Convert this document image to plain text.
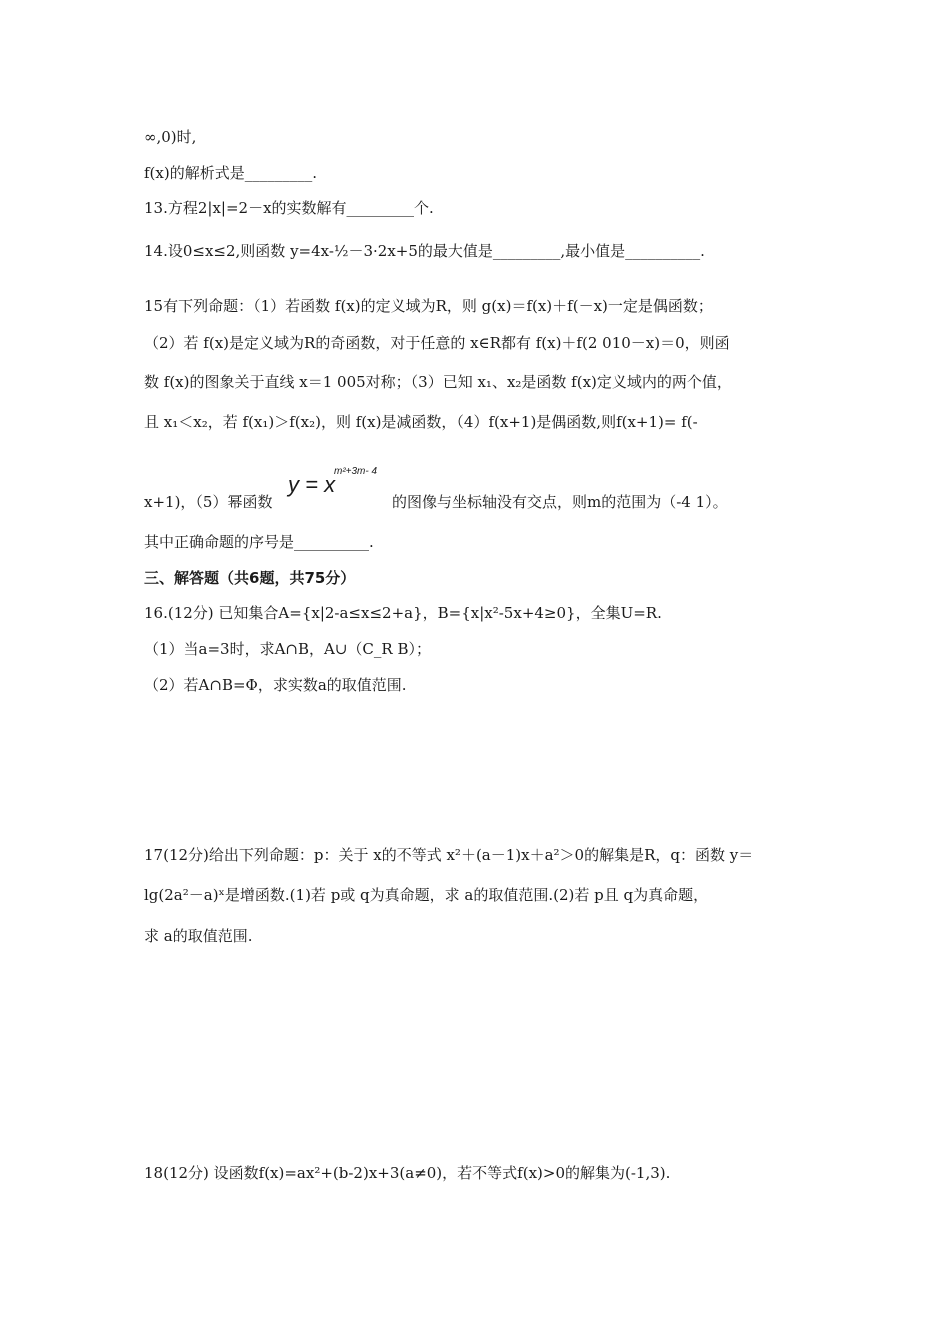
∞,0)时,
f(x)的解析式是_________.
13.方程2|x|=2－x的实数解有_________个.
14.设0≤x≤2,则函数 y=4x-½－3·2x+5的最大值是_________,最小值是__________.
15有下列命题：（1）若函数 f(x)的定义域为R，则 g(x)＝f(x)＋f(－x)一定是偶函数；
（2）若 f(x)是定义域为R的奇函数，对于任意的 x∈R都有 f(x)＋f(2 010－x)＝0，则函
数 f(x)的图象关于直线 x＝1 005对称；（3）已知 x₁、x₂是函数 f(x)定义域内的两个值，
且 x₁＜x₂，若 f(x₁)＞f(x₂)，则 f(x)是减函数，（4）f(x+1)是偶函数,则f(x+1)= f(-
x+1)，（5）幂函数
y = x
m²+3m- 4
的图像与坐标轴没有交点，则m的范围为（-4 1）。
其中正确命题的序号是__________.
三、解答题（共6题，共75分）
16.(12分) 已知集合A={x|2-a≤x≤2+a}，B={x|x²-5x+4≥0}，全集U=R.
（1）当a=3时，求A∩B，A∪（C_R B）；
（2）若A∩B=Φ，求实数a的取值范围.
17(12分)给出下列命题：p：关于 x的不等式 x²＋(a－1)x＋a²＞0的解集是R，q：函数 y＝
lg(2a²－a)ˣ是增函数.(1)若 p或 q为真命题，求 a的取值范围.(2)若 p且 q为真命题，
求 a的取值范围.
18(12分) 设函数f(x)=ax²+(b-2)x+3(a≠0)，若不等式f(x)>0的解集为(-1,3).
